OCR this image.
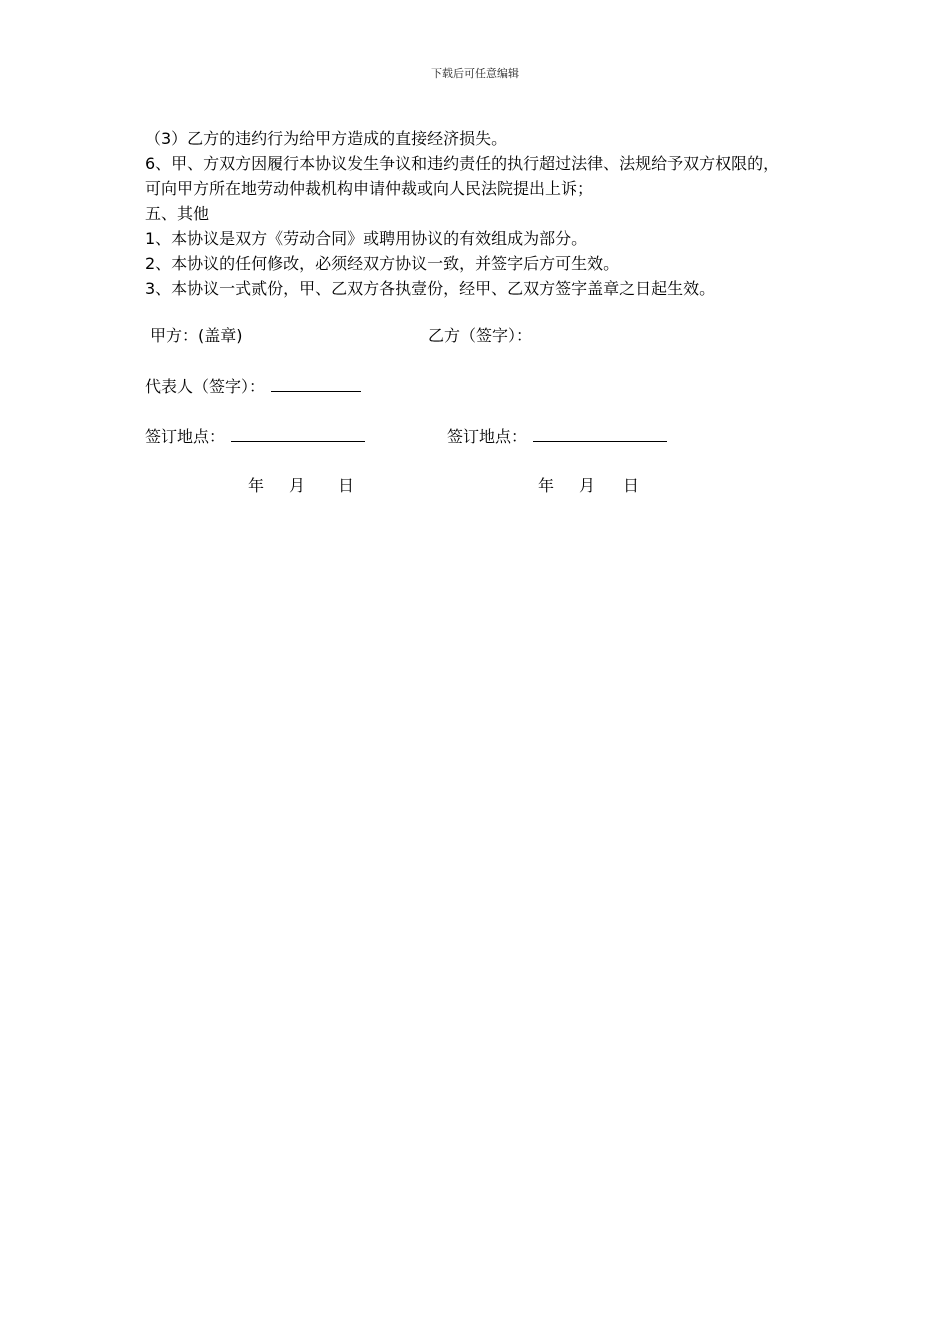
下载后可任意编辑

（3）乙方的违约行为给甲方造成的直接经济损失。

6、甲、方双方因履行本协议发生争议和违约责任的执行超过法律、法规给予双方权限的，

可向甲方所在地劳动仲裁机构申请仲裁或向人民法院提出上诉；

五、其他

1、本协议是双方《劳动合同》或聘用协议的有效组成为部分。

2、本协议的任何修改，必须经双方协议一致，并签字后方可生效。

3、本协议一式贰份，甲、乙双方各执壹份，经甲、乙双方签字盖章之日起生效。

甲方：(盖章)	乙方（签字）：
代表人（签字）：
签订地点：	签订地点：
年 月 日	年 月 日
